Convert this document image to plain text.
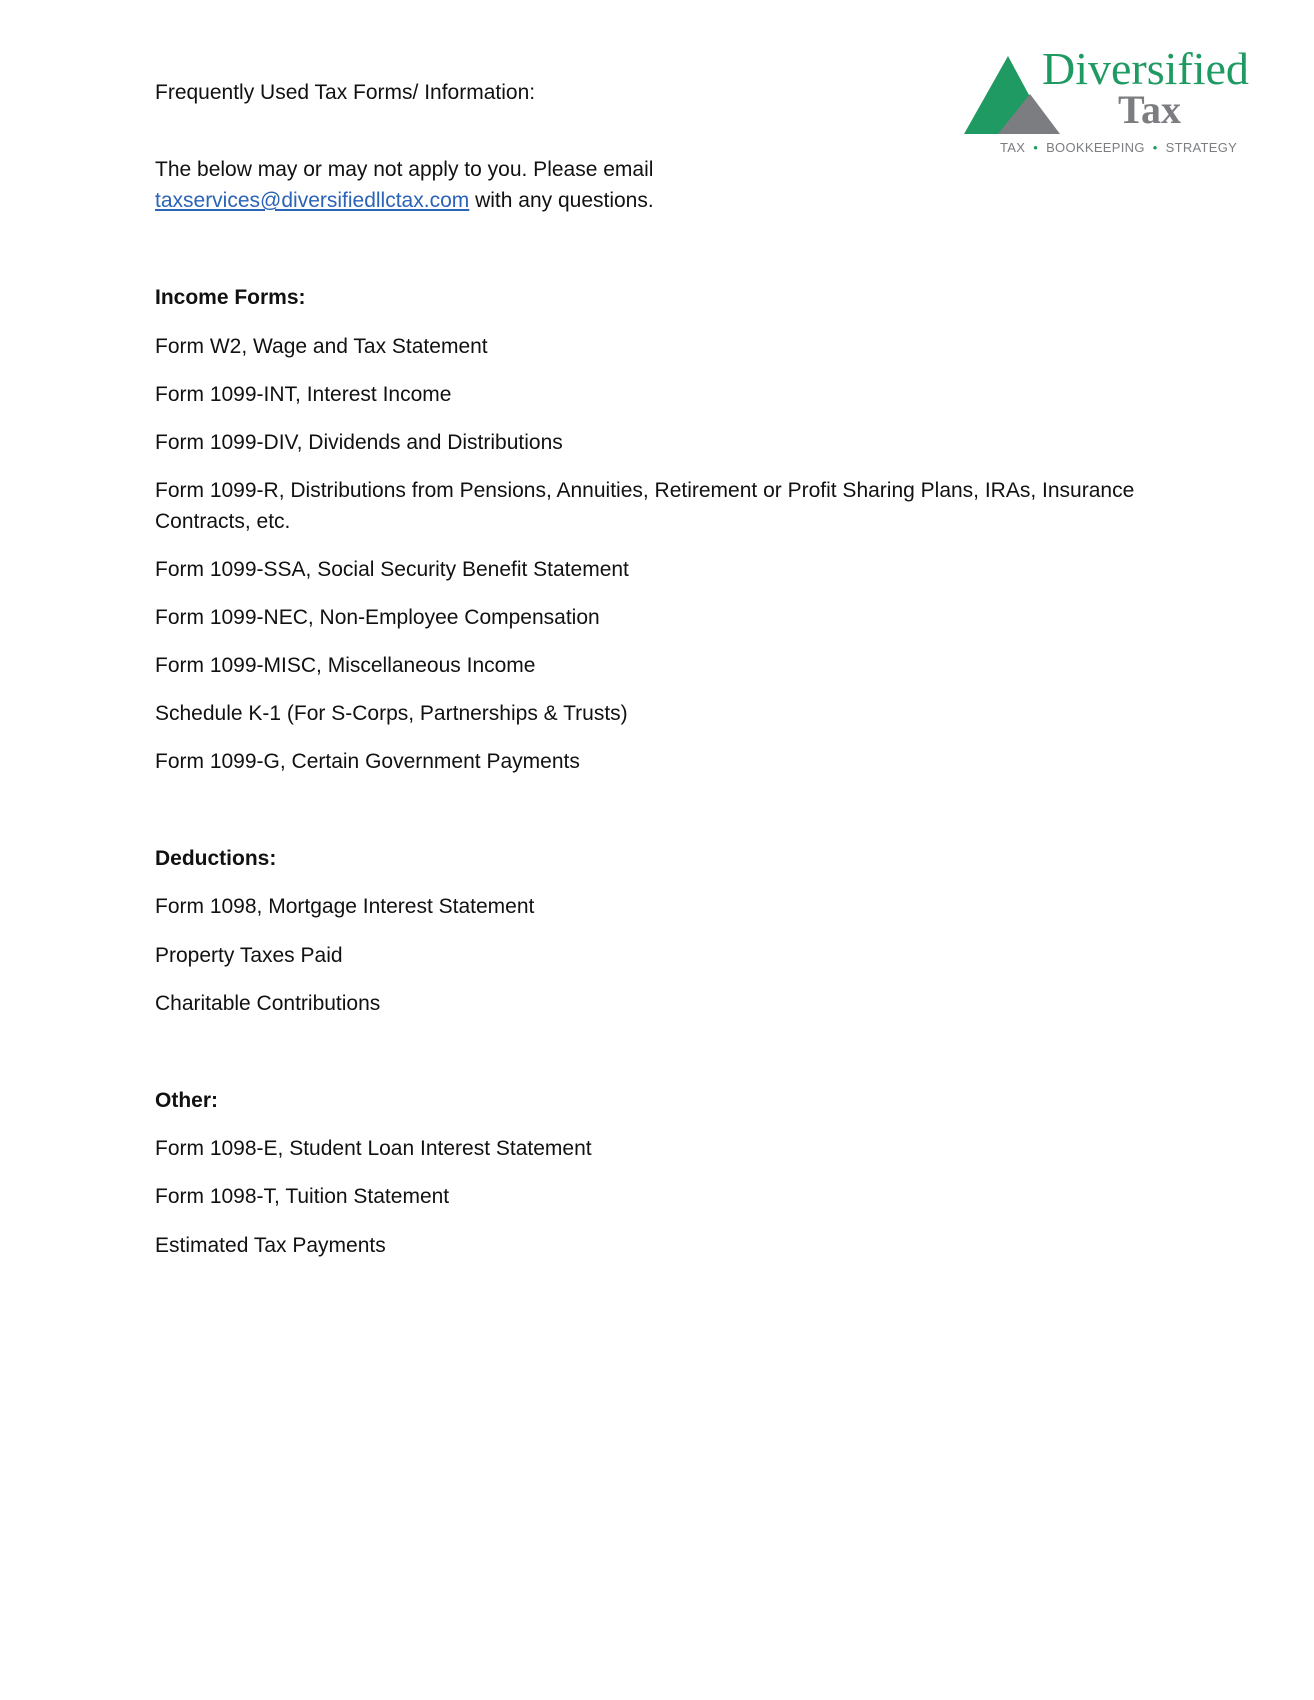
Diversified
Tax
TAX • BOOKKEEPING • STRATEGY
Frequently Used Tax Forms/ Information:
The below may or may not apply to you. Please email
taxservices@diversifiedllctax.com with any questions.
Income Forms:
Form W2, Wage and Tax Statement
Form 1099-INT, Interest Income
Form 1099-DIV, Dividends and Distributions
Form 1099-R, Distributions from Pensions, Annuities, Retirement or Profit Sharing Plans, IRAs, Insurance Contracts, etc.
Form 1099-SSA, Social Security Benefit Statement
Form 1099-NEC, Non-Employee Compensation
Form 1099-MISC, Miscellaneous Income
Schedule K-1 (For S-Corps, Partnerships & Trusts)
Form 1099-G, Certain Government Payments
Deductions:
Form 1098, Mortgage Interest Statement
Property Taxes Paid
Charitable Contributions
Other:
Form 1098-E, Student Loan Interest Statement
Form 1098-T, Tuition Statement
Estimated Tax Payments
